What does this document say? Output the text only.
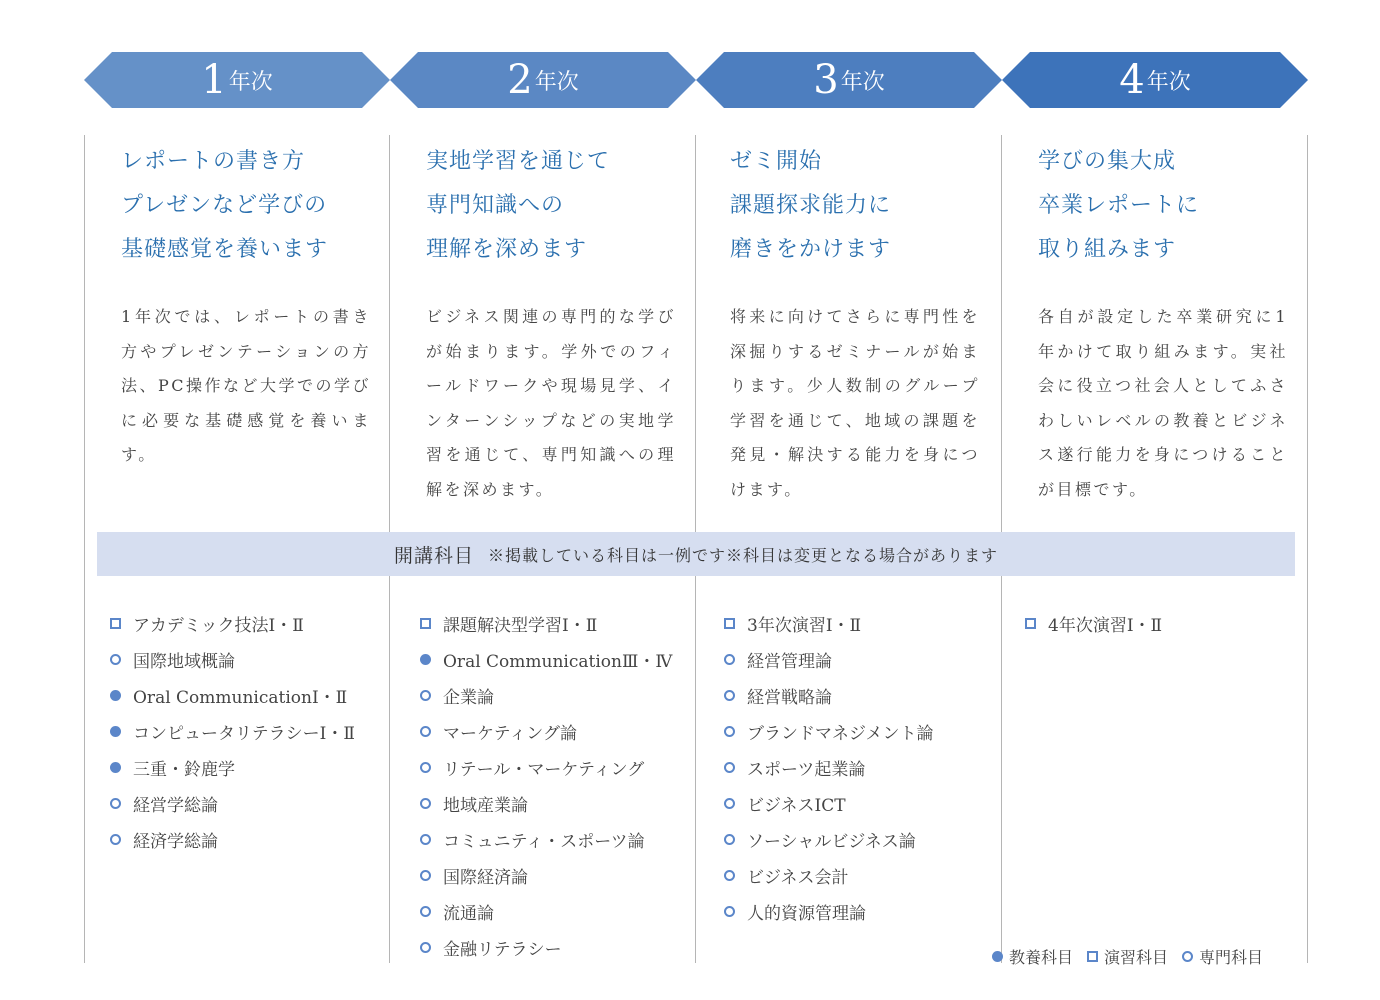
1 年次	2 年次	3 年次	4 年次
レポートの書き方
プレゼンなど学びの
基礎感覚を養います

1年次では、レポートの書き方やプレゼンテーションの方法、PC操作など大学での学びに必要な基礎感覚を養います。

実地学習を通じて
専門知識への
理解を深めます

ビジネス関連の専門的な学びが始まります。学外でのフィールドワークや現場見学、インターンシップなどの実地学習を通じて、専門知識への理解を深めます。

ゼミ開始
課題探求能力に
磨きをかけます

将来に向けてさらに専門性を深掘りするゼミナールが始まります。少人数制のグループ学習を通じて、地域の課題を発見・解決する能力を身につけます。

学びの集大成
卒業レポートに
取り組みます

各自が設定した卒業研究に1年かけて取り組みます。実社会に役立つ社会人としてふさわしいレベルの教養とビジネス遂行能力を身につけることが目標です。

開講科目 ※掲載している科目は一例です※科目は変更となる場合があります
アカデミック技法Ⅰ・Ⅱ
国際地域概論
Oral CommunicationⅠ・Ⅱ
コンピュータリテラシーⅠ・Ⅱ
三重・鈴鹿学
経営学総論
経済学総論
課題解決型学習Ⅰ・Ⅱ
Oral CommunicationⅢ・Ⅳ
企業論
マーケティング論
リテール・マーケティング
地域産業論
コミュニティ・スポーツ論
国際経済論
流通論
金融リテラシー
3年次演習Ⅰ・Ⅱ
経営管理論
経営戦略論
ブランドマネジメント論
スポーツ起業論
ビジネスICT
ソーシャルビジネス論
ビジネス会計
人的資源管理論
4年次演習Ⅰ・Ⅱ
教養科目 演習科目 専門科目
